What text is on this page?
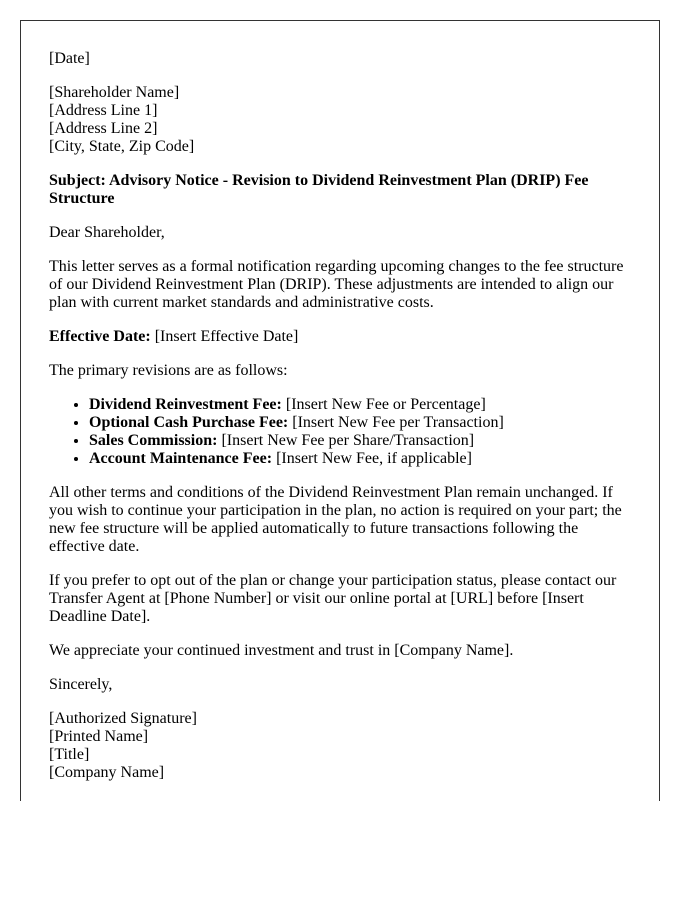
[Date]

[Shareholder Name]
[Address Line 1]
[Address Line 2]
[City, State, Zip Code]

Subject: Advisory Notice - Revision to Dividend Reinvestment Plan (DRIP) Fee Structure

Dear Shareholder,

This letter serves as a formal notification regarding upcoming changes to the fee structure of our Dividend Reinvestment Plan (DRIP). These adjustments are intended to align our plan with current market standards and administrative costs.

Effective Date: [Insert Effective Date]

The primary revisions are as follows:

• Dividend Reinvestment Fee: [Insert New Fee or Percentage]
• Optional Cash Purchase Fee: [Insert New Fee per Transaction]
• Sales Commission: [Insert New Fee per Share/Transaction]
• Account Maintenance Fee: [Insert New Fee, if applicable]

All other terms and conditions of the Dividend Reinvestment Plan remain unchanged. If you wish to continue your participation in the plan, no action is required on your part; the new fee structure will be applied automatically to future transactions following the effective date.

If you prefer to opt out of the plan or change your participation status, please contact our Transfer Agent at [Phone Number] or visit our online portal at [URL] before [Insert Deadline Date].

We appreciate your continued investment and trust in [Company Name].

Sincerely,

[Authorized Signature]
[Printed Name]
[Title]
[Company Name]
